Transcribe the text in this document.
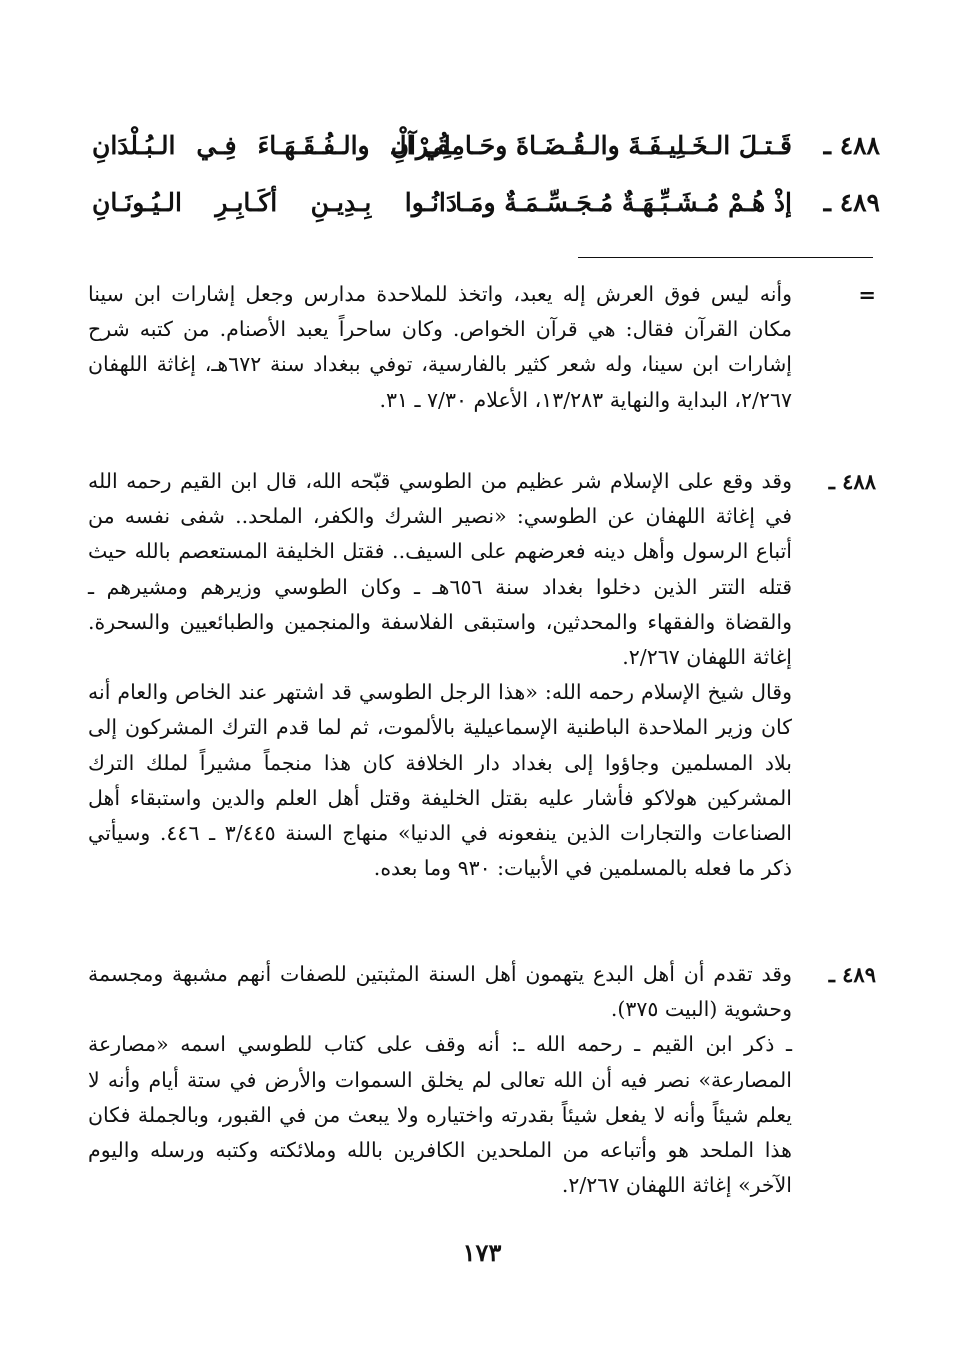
٤٨٨ ـ
قَـتـلَ الـخَـلِيـفَـةَ والـقُـضَـاةَ وحَـامِلِي الْـ
ـقُـرْآنِ والـفُـقَـهَـاءَ فِـي الـبُـلْدَانِ
٤٨٩ ـ
إذْ هُـمْ مُـشَـبِّـهَـةٌ مُـجَـسِّـمَـةٌ ومَـا
دَانُـوا بِـدِيـنِ أكَـابِـرِ الـيُـونَـانِ
=
وأنه ليس فوق العرش إله يعبد، واتخذ للملاحدة مدارس وجعل إشارات ابن سينا مكان القرآن فقال: هي قرآن الخواص. وكان ساحراً يعبد الأصنام. من كتبه شرح إشارات ابن سينا، وله شعر كثير بالفارسية، توفي ببغداد سنة ٦٧٢هـ، إغاثة اللهفان ٢/٢٦٧، البداية والنهاية ١٣/٢٨٣، الأعلام ٧/٣٠ ـ ٣١.
٤٨٨ ـ
وقد وقع على الإسلام شر عظيم من الطوسي قبّحه الله، قال ابن القيم رحمه الله في إغاثة اللهفان عن الطوسي: «نصير الشرك والكفر، الملحد.. شفى نفسه من أتباع الرسول وأهل دينه فعرضهم على السيف.. فقتل الخليفة المستعصم بالله حيث قتله التتر الذين دخلوا بغداد سنة ٦٥٦هـ ـ وكان الطوسي وزيرهم ومشيرهم ـ والقضاة والفقهاء والمحدثين، واستبقى الفلاسفة والمنجمين والطبائعيين والسحرة. إغاثة اللهفان ٢/٢٦٧.
وقال شيخ الإسلام رحمه الله: «هذا الرجل الطوسي قد اشتهر عند الخاص والعام أنه كان وزير الملاحدة الباطنية الإسماعيلية بالألموت، ثم لما قدم الترك المشركون إلى بلاد المسلمين وجاؤوا إلى بغداد دار الخلافة كان هذا منجماً مشيراً لملك الترك المشركين هولاكو فأشار عليه بقتل الخليفة وقتل أهل العلم والدين واستبقاء أهل الصناعات والتجارات الذين ينفعونه في الدنيا» منهاج السنة ٣/٤٤٥ ـ ٤٤٦. وسيأتي ذكر ما فعله بالمسلمين في الأبيات: ٩٣٠ وما بعده.
٤٨٩ ـ
وقد تقدم أن أهل البدع يتهمون أهل السنة المثبتين للصفات أنهم مشبهة ومجسمة وحشوية (البيت ٣٧٥).
ـ ذكر ابن القيم ـ رحمه الله ـ: أنه وقف على كتاب للطوسي اسمه «مصارعة المصارعة» نصر فيه أن الله تعالى لم يخلق السموات والأرض في ستة أيام وأنه لا يعلم شيئاً وأنه لا يفعل شيئاً بقدرته واختياره ولا يبعث من في القبور، وبالجملة فكان هذا الملحد هو وأتباعه من الملحدين الكافرين بالله وملائكته وكتبه ورسله واليوم الآخر» إغاثة اللهفان ٢/٢٦٧.
١٧٣
